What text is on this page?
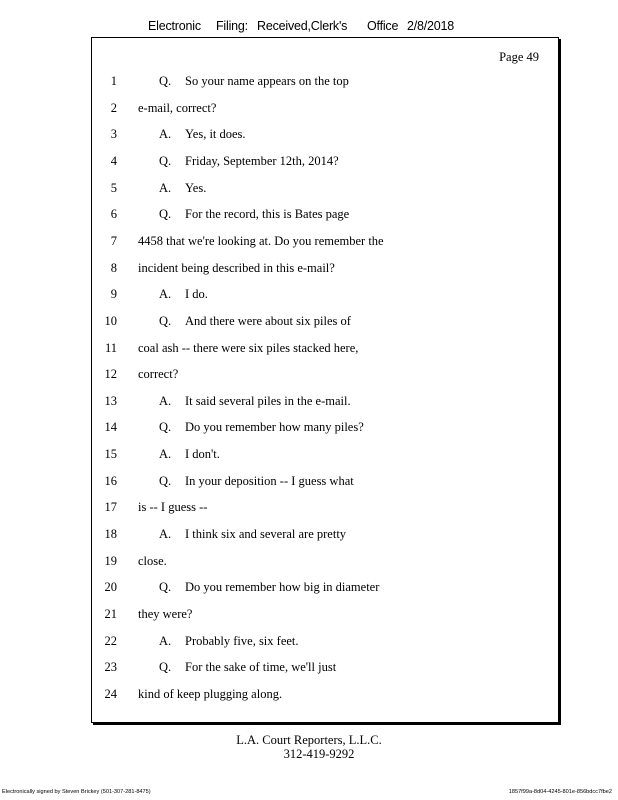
Electronic Filing: Received,Clerk's Office 2/8/2018
Page 49
1	Q. So your name appears on the top
2 e-mail, correct?
3	A. Yes, it does.
4	Q. Friday, September 12th, 2014?
5	A. Yes.
6	Q. For the record, this is Bates page
7 4458 that we're looking at. Do you remember the
8 incident being described in this e-mail?
9	A. I do.
10	Q. And there were about six piles of
11 coal ash -- there were six piles stacked here,
12 correct?
13	A. It said several piles in the e-mail.
14	Q. Do you remember how many piles?
15	A. I don't.
16	Q. In your deposition -- I guess what
17 is -- I guess --
18	A. I think six and several are pretty
19 close.
20	Q. Do you remember how big in diameter
21 they were?
22	A. Probably five, six feet.
23	Q. For the sake of time, we'll just
24 kind of keep plugging along.
L.A. Court Reporters, L.L.C.
312-419-9292
Electronically signed by Steven Brickey (501-307-281-8475)	1857f99a-8d04-4245-801e-856bdcc7fbe2
